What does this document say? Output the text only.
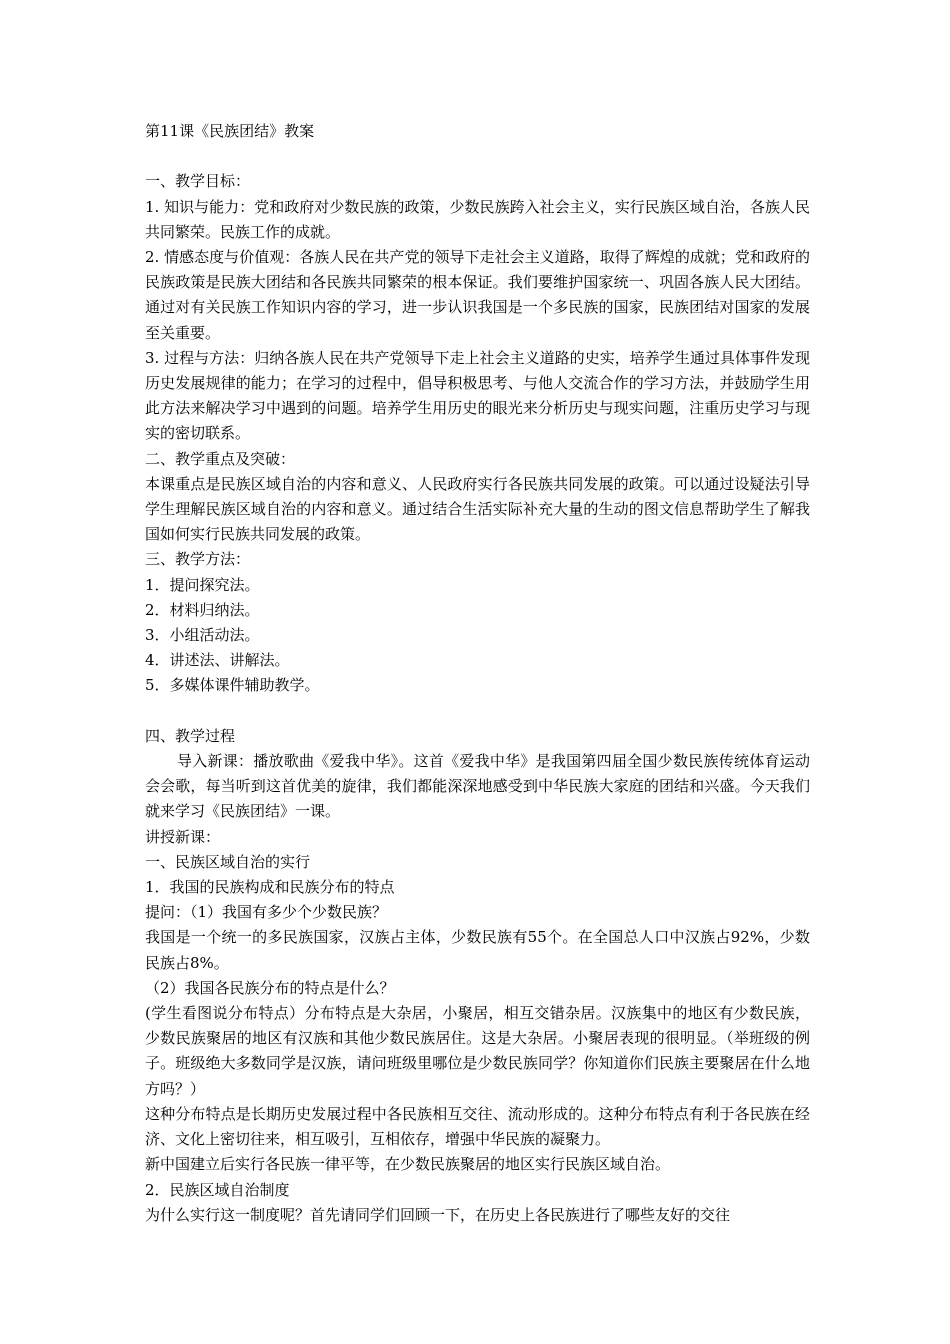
第11课《民族团结》教案

一、教学目标：

1. 知识与能力：党和政府对少数民族的政策，少数民族跨入社会主义，实行民族区域自治，各族人民共同繁荣。民族工作的成就。

2. 情感态度与价值观：各族人民在共产党的领导下走社会主义道路，取得了辉煌的成就；党和政府的民族政策是民族大团结和各民族共同繁荣的根本保证。我们要维护国家统一、巩固各族人民大团结。通过对有关民族工作知识内容的学习，进一步认识我国是一个多民族的国家，民族团结对国家的发展至关重要。

3. 过程与方法：归纳各族人民在共产党领导下走上社会主义道路的史实，培养学生通过具体事件发现历史发展规律的能力；在学习的过程中，倡导积极思考、与他人交流合作的学习方法，并鼓励学生用此方法来解决学习中遇到的问题。培养学生用历史的眼光来分析历史与现实问题，注重历史学习与现实的密切联系。

二、教学重点及突破：

本课重点是民族区域自治的内容和意义、人民政府实行各民族共同发展的政策。可以通过设疑法引导学生理解民族区域自治的内容和意义。通过结合生活实际补充大量的生动的图文信息帮助学生了解我国如何实行民族共同发展的政策。

三、教学方法：

1．提问探究法。

2．材料归纳法。

3．小组活动法。

4．讲述法、讲解法。

5．多媒体课件辅助教学。

四、教学过程

导入新课：播放歌曲《爱我中华》。这首《爱我中华》是我国第四届全国少数民族传统体育运动会会歌，每当听到这首优美的旋律，我们都能深深地感受到中华民族大家庭的团结和兴盛。今天我们就来学习《民族团结》一课。

讲授新课：

一、民族区域自治的实行

1．我国的民族构成和民族分布的特点

提问：（1）我国有多少个少数民族？

我国是一个统一的多民族国家，汉族占主体，少数民族有55个。在全国总人口中汉族占92%，少数民族占8%。

（2）我国各民族分布的特点是什么？

(学生看图说分布特点）分布特点是大杂居，小聚居，相互交错杂居。汉族集中的地区有少数民族，少数民族聚居的地区有汉族和其他少数民族居住。这是大杂居。小聚居表现的很明显。（举班级的例子。班级绝大多数同学是汉族，请问班级里哪位是少数民族同学？你知道你们民族主要聚居在什么地方吗？）

这种分布特点是长期历史发展过程中各民族相互交往、流动形成的。这种分布特点有利于各民族在经济、文化上密切往来，相互吸引，互相依存，增强中华民族的凝聚力。

新中国建立后实行各民族一律平等，在少数民族聚居的地区实行民族区域自治。

2．民族区域自治制度

为什么实行这一制度呢？首先请同学们回顾一下，在历史上各民族进行了哪些友好的交往
